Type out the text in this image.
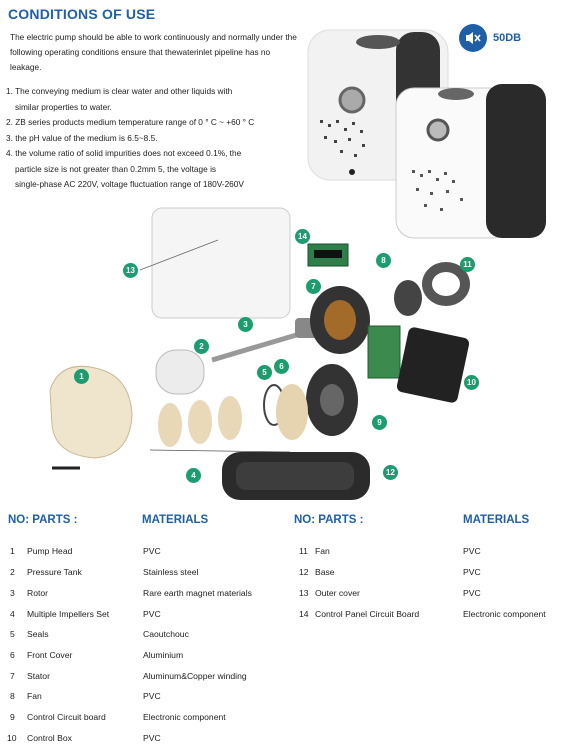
CONDITIONS OF USE
The electric pump should be able to work continuously and normally under the following operating conditions ensure that thewaterinlet pipeline has no leakage.
1. The conveying medium is clear water and other liquids with
similar properties to water.
2. ZB series products medium temperature range of 0 ° C ~ +60 ° C
3. the pH value of the medium is 6.5~8.5.
4. the volume ratio of solid impurities does not exceed 0.1%, the
particle size is not greater than 0.2mm 5, the voltage is
single-phase AC 220V, voltage fluctuation range of 180V-260V
50DB
1
2
3
4
5
6
7
8
9
10
11
12
13
14
NO: PARTS :	MATERIALS	NO: PARTS :	MATERIALS
1 Pump Head	PVC
2 Pressure Tank	Stainless steel
3 Rotor	Rare earth magnet materials
4 Multiple Impellers Set	PVC
5 Seals	Caoutchouc
6 Front Cover	Aluminium
7 Stator	Aluminum&Copper winding
8 Fan	PVC
9 Control Circuit board	Electronic component
10 Control Box	PVC
11 Fan	PVC
12 Base	PVC
13 Outer cover	PVC
14 Control Panel Circuit Board	Electronic component
